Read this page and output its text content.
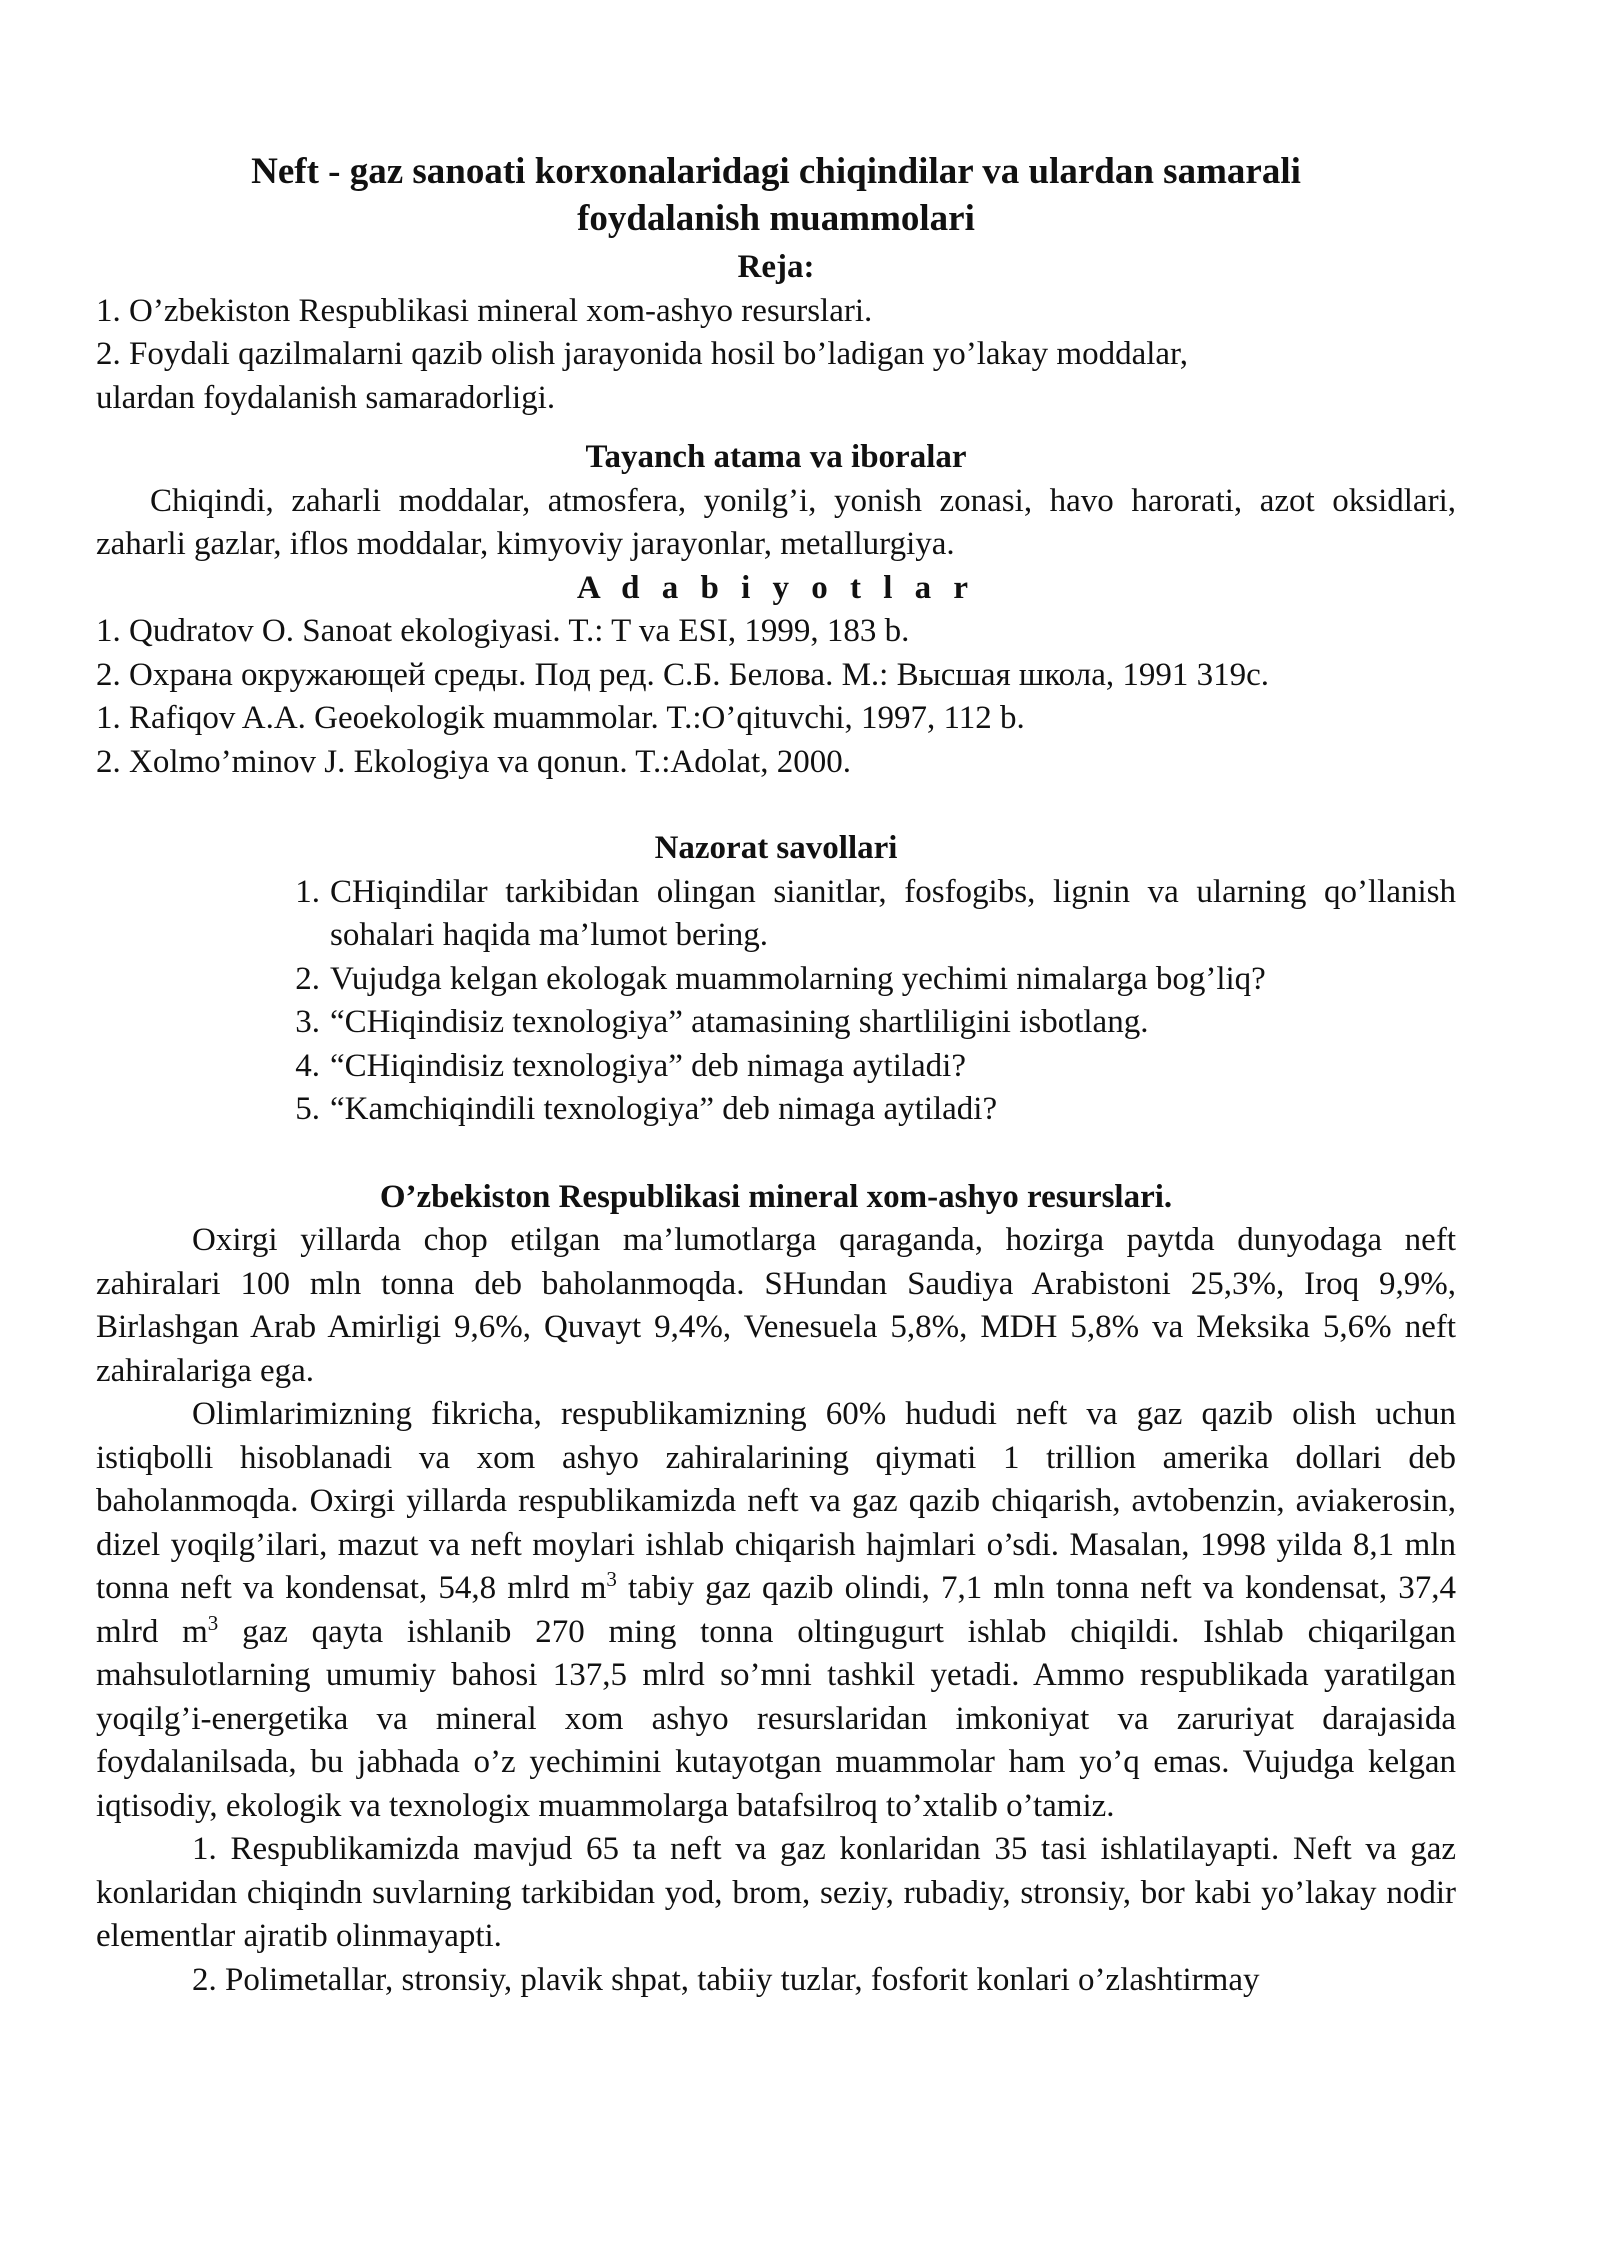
Neft - gaz sanoati korxonalaridagi chiqindilar va ulardan samarali
foydalanish muammolari

Reja:

1. O’zbekiston Respublikasi mineral xom-ashyo resurslari.

2. Foydali qazilmalarni qazib olish jarayonida hosil bo’ladigan yo’lakay moddalar,

ulardan foydalanish samaradorligi.

Tayanch atama va iboralar

Chiqindi, zaharli moddalar, atmosfera, yonilg’i, yonish zonasi, havo harorati, azot oksidlari, zaharli gazlar, iflos moddalar, kimyoviy jarayonlar, metallurgiya.

A d a b i y o t l a r

1. Qudratov O. Sanoat ekologiyasi. T.: T va ESI, 1999, 183 b.

2. Охрана окружающей среды. Под ред. С.Б. Белова. М.: Высшая школа, 1991 319с.

1. Rafiqov A.A. Geoekologik muammolar. T.:O’qituvchi, 1997, 112 b.

2. Xolmo’minov J. Ekologiya va qonun. T.:Adolat, 2000.

Nazorat savollari

1. CHiqindilar tarkibidan olingan sianitlar, fosfogibs, lignin va ularning qo’llanish sohalari haqida ma’lumot bering.
2. Vujudga kelgan ekologak muammolarning yechimi nimalarga bog’liq?
3. “CHiqindisiz texnologiya” atamasining shartliligini isbotlang.
4. “CHiqindisiz texnologiya” deb nimaga aytiladi?
5. “Kamchiqindili texnologiya” deb nimaga aytiladi?

O’zbekiston Respublikasi mineral xom-ashyo resurslari.

Oxirgi yillarda chop etilgan ma’lumotlarga qaraganda, hozirga paytda dunyodaga neft zahiralari 100 mln tonna deb baholanmoqda. SHundan Saudiya Arabistoni 25,3%, Iroq 9,9%, Birlashgan Arab Amirligi 9,6%, Quvayt 9,4%, Venesuela 5,8%, MDH 5,8% va Meksika 5,6% neft zahiralariga ega.

Olimlarimizning fikricha, respublikamizning 60% hududi neft va gaz qazib olish uchun istiqbolli hisoblanadi va xom ashyo zahiralarining qiymati 1 trillion amerika dollari deb baholanmoqda. Oxirgi yillarda respublikamizda neft va gaz qazib chiqarish, avtobenzin, aviakerosin, dizel yoqilg’ilari, mazut va neft moylari ishlab chiqarish hajmlari o’sdi. Masalan, 1998 yilda 8,1 mln tonna neft va kondensat, 54,8 mlrd $m^3$ tabiy gaz qazib olindi, 7,1 mln tonna neft va kondensat, 37,4 mlrd $m^3$ gaz qayta ishlanib 270 ming tonna oltingugurt ishlab chiqildi. Ishlab chiqarilgan mahsulotlarning umumiy bahosi 137,5 mlrd so’mni tashkil yetadi. Ammo respublikada yaratilgan yoqilg’i-energetika va mineral xom ashyo resurslaridan imkoniyat va zaruriyat darajasida foydalanilsada, bu jabhada o’z yechimini kutayotgan muammolar ham yo’q emas. Vujudga kelgan iqtisodiy, ekologik va texnologix muammolarga batafsilroq to’xtalib o’tamiz.

1. Respublikamizda mavjud 65 ta neft va gaz konlaridan 35 tasi ishlatilayapti. Neft va gaz konlaridan chiqindn suvlarning tarkibidan yod, brom, seziy, rubadiy, stronsiy, bor kabi yo’lakay nodir elementlar ajratib olinmayapti.

2. Polimetallar, stronsiy, plavik shpat, tabiiy tuzlar, fosforit konlari o’zlashtirmay
